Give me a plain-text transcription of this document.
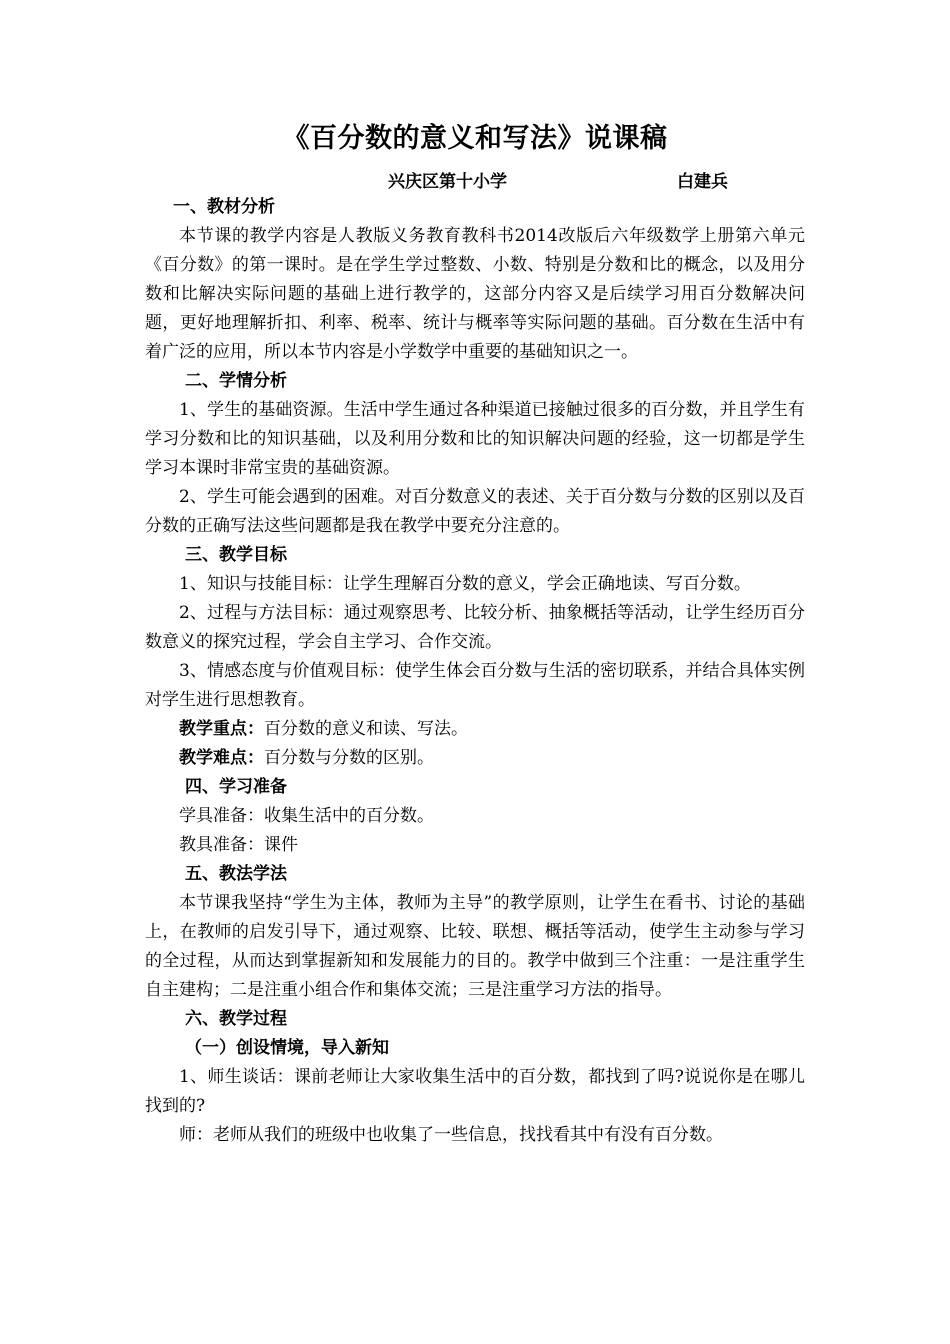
《百分数的意义和写法》说课稿
兴庆区第十小学	白建兵
一、教材分析
本节课的教学内容是人教版义务教育教科书2014改版后六年级数学上册第六单元《百分数》的第一课时。是在学生学过整数、小数、特别是分数和比的概念，以及用分数和比解决实际问题的基础上进行教学的，这部分内容又是后续学习用百分数解决问题，更好地理解折扣、利率、税率、统计与概率等实际问题的基础。百分数在生活中有着广泛的应用，所以本节内容是小学数学中重要的基础知识之一。
二、学情分析
1、学生的基础资源。生活中学生通过各种渠道已接触过很多的百分数，并且学生有学习分数和比的知识基础，以及利用分数和比的知识解决问题的经验，这一切都是学生学习本课时非常宝贵的基础资源。
2、学生可能会遇到的困难。对百分数意义的表述、关于百分数与分数的区别以及百分数的正确写法这些问题都是我在教学中要充分注意的。
三、教学目标
1、知识与技能目标：让学生理解百分数的意义，学会正确地读、写百分数。
2、过程与方法目标：通过观察思考、比较分析、抽象概括等活动，让学生经历百分数意义的探究过程，学会自主学习、合作交流。
3、情感态度与价值观目标：使学生体会百分数与生活的密切联系，并结合具体实例对学生进行思想教育。
教学重点：百分数的意义和读、写法。
教学难点：百分数与分数的区别。
四、学习准备
学具准备：收集生活中的百分数。
教具准备：课件
五、教法学法
本节课我坚持“学生为主体，教师为主导”的教学原则，让学生在看书、讨论的基础上，在教师的启发引导下，通过观察、比较、联想、概括等活动，使学生主动参与学习的全过程，从而达到掌握新知和发展能力的目的。教学中做到三个注重：一是注重学生自主建构；二是注重小组合作和集体交流；三是注重学习方法的指导。
六、教学过程
（一）创设情境，导入新知
1、师生谈话：课前老师让大家收集生活中的百分数，都找到了吗?说说你是在哪儿找到的?
师：老师从我们的班级中也收集了一些信息，找找看其中有没有百分数。
